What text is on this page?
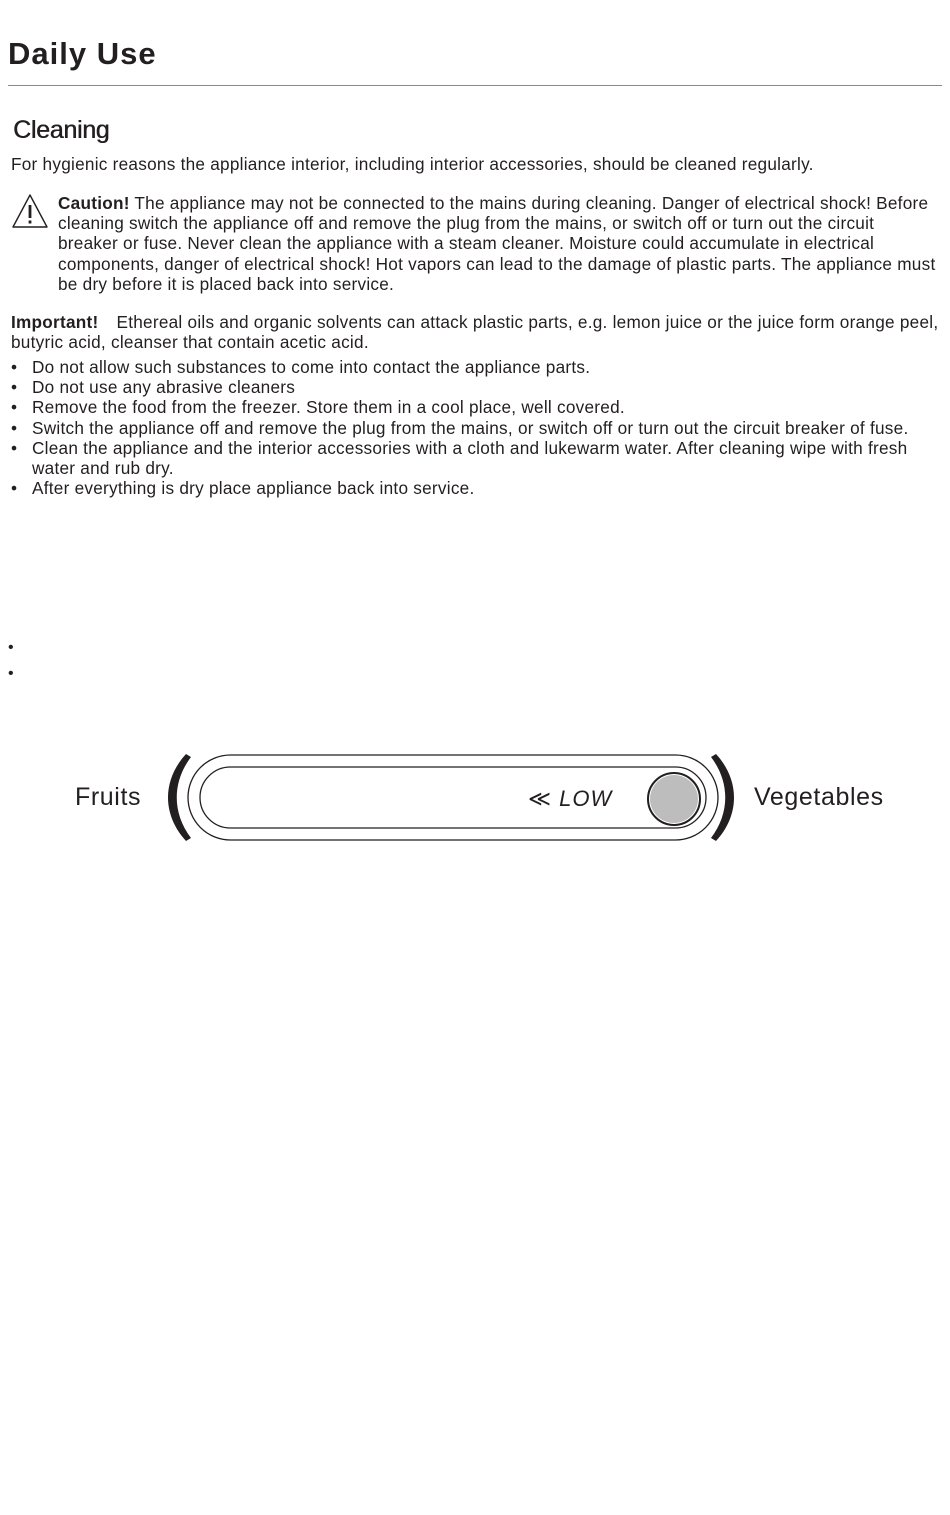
Daily Use
Cleaning

For hygienic reasons the appliance interior, including interior accessories, should be cleaned regularly.

Caution! The appliance may not be connected to the mains during cleaning. Danger of electrical shock! Before cleaning switch the appliance off and remove the plug from the mains, or switch off or turn out the circuit breaker or fuse. Never clean the appliance with a steam cleaner. Moisture could accumulate in electrical components, danger of electrical shock! Hot vapors can lead to the damage of plastic parts. The appliance must be dry before it is placed back into service.

Important! Ethereal oils and organic solvents can attack plastic parts, e.g. lemon juice or the juice form orange peel, butyric acid, cleanser that contain acetic acid.

• Do not allow such substances to come into contact the appliance parts.
• Do not use any abrasive cleaners
• Remove the food from the freezer. Store them in a cool place, well covered.
• Switch the appliance off and remove the plug from the mains, or switch off or turn out the circuit breaker of fuse.
• Clean the appliance and the interior accessories with a cloth and lukewarm water. After cleaning wipe with fresh water and rub dry.
• After everything is dry place appliance back into service.
•
•
Fruits	≪ LOW	Vegetables
